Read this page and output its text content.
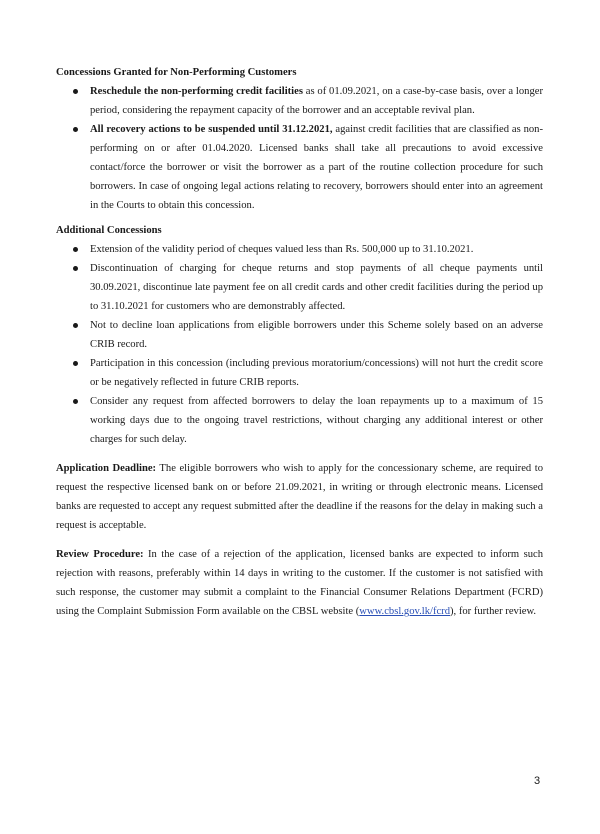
Concessions Granted for Non-Performing Customers

Reschedule the non-performing credit facilities as of 01.09.2021, on a case-by-case basis, over a longer period, considering the repayment capacity of the borrower and an acceptable revival plan.
All recovery actions to be suspended until 31.12.2021, against credit facilities that are classified as non-performing on or after 01.04.2020. Licensed banks shall take all precautions to avoid excessive contact/force the borrower or visit the borrower as a part of the routine collection procedure for such borrowers. In case of ongoing legal actions relating to recovery, borrowers should enter into an agreement in the Courts to obtain this concession.

Additional Concessions

Extension of the validity period of cheques valued less than Rs. 500,000 up to 31.10.2021.
Discontinuation of charging for cheque returns and stop payments of all cheque payments until 30.09.2021, discontinue late payment fee on all credit cards and other credit facilities during the period up to 31.10.2021 for customers who are demonstrably affected.
Not to decline loan applications from eligible borrowers under this Scheme solely based on an adverse CRIB record.
Participation in this concession (including previous moratorium/concessions) will not hurt the credit score or be negatively reflected in future CRIB reports.
Consider any request from affected borrowers to delay the loan repayments up to a maximum of 15 working days due to the ongoing travel restrictions, without charging any additional interest or other charges for such delay.

Application Deadline: The eligible borrowers who wish to apply for the concessionary scheme, are required to request the respective licensed bank on or before 21.09.2021, in writing or through electronic means. Licensed banks are requested to accept any request submitted after the deadline if the reasons for the delay in making such a request is acceptable.

Review Procedure: In the case of a rejection of the application, licensed banks are expected to inform such rejection with reasons, preferably within 14 days in writing to the customer. If the customer is not satisfied with such response, the customer may submit a complaint to the Financial Consumer Relations Department (FCRD) using the Complaint Submission Form available on the CBSL website (www.cbsl.gov.lk/fcrd), for further review.

3
